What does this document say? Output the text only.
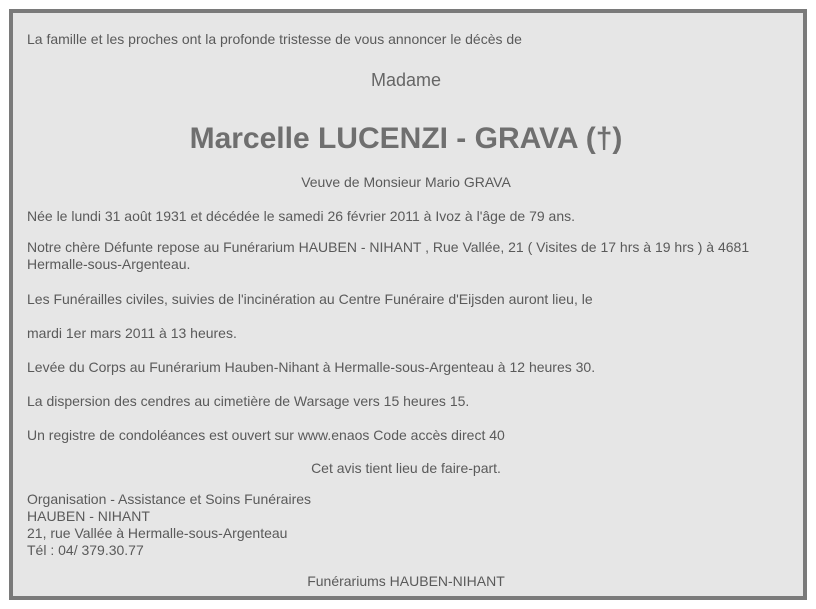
La famille et les proches ont la profonde tristesse de vous annoncer le décès de
Madame
Marcelle LUCENZI - GRAVA (†)
Veuve de Monsieur Mario GRAVA
Née le lundi 31 août 1931 et décédée le samedi 26 février 2011 à Ivoz à l'âge de 79 ans.
Notre chère Défunte repose au Funérarium HAUBEN - NIHANT , Rue Vallée, 21 ( Visites de 17 hrs à 19 hrs ) à 4681
Hermalle-sous-Argenteau.
Les Funérailles civiles, suivies de l'incinération au Centre Funéraire d'Eijsden auront lieu, le
mardi 1er mars 2011 à 13 heures.
Levée du Corps au Funérarium Hauben-Nihant à Hermalle-sous-Argenteau à 12 heures 30.
La dispersion des cendres au cimetière de Warsage vers 15 heures 15.
Un registre de condoléances est ouvert sur www.enaos Code accès direct 40
Cet avis tient lieu de faire-part.
Organisation - Assistance et Soins Funéraires
HAUBEN - NIHANT
21, rue Vallée à Hermalle-sous-Argenteau
Tél : 04/ 379.30.77
Funérariums HAUBEN-NIHANT
